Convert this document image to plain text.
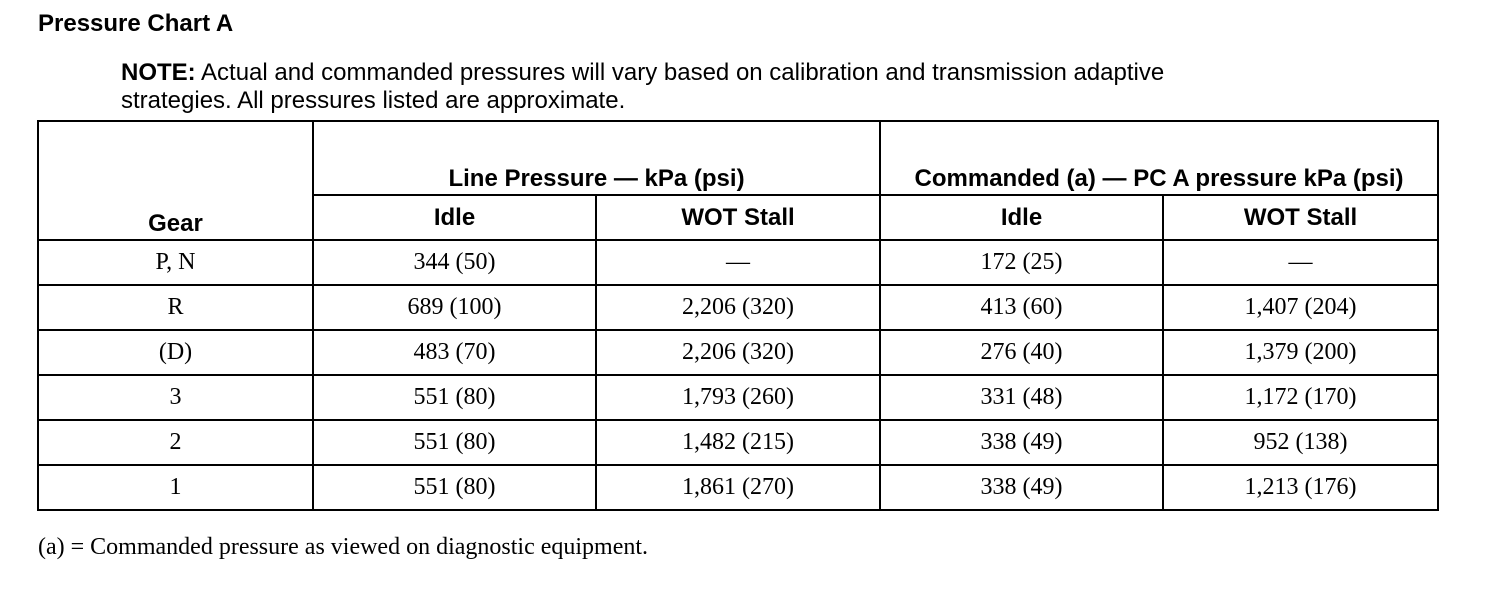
Pressure Chart A
NOTE: Actual and commanded pressures will vary based on calibration and transmission adaptive strategies. All pressures listed are approximate.
Gear	Line Pressure — kPa (psi)		Commanded (a) — PC A pressure kPa (psi)	
	Idle	WOT Stall	Idle	WOT Stall
P, N	344 (50)	—	172 (25)	—
R	689 (100)	2,206 (320)	413 (60)	1,407 (204)
(D)	483 (70)	2,206 (320)	276 (40)	1,379 (200)
3	551 (80)	1,793 (260)	331 (48)	1,172 (170)
2	551 (80)	1,482 (215)	338 (49)	952 (138)
1	551 (80)	1,861 (270)	338 (49)	1,213 (176)
(a) = Commanded pressure as viewed on diagnostic equipment.
